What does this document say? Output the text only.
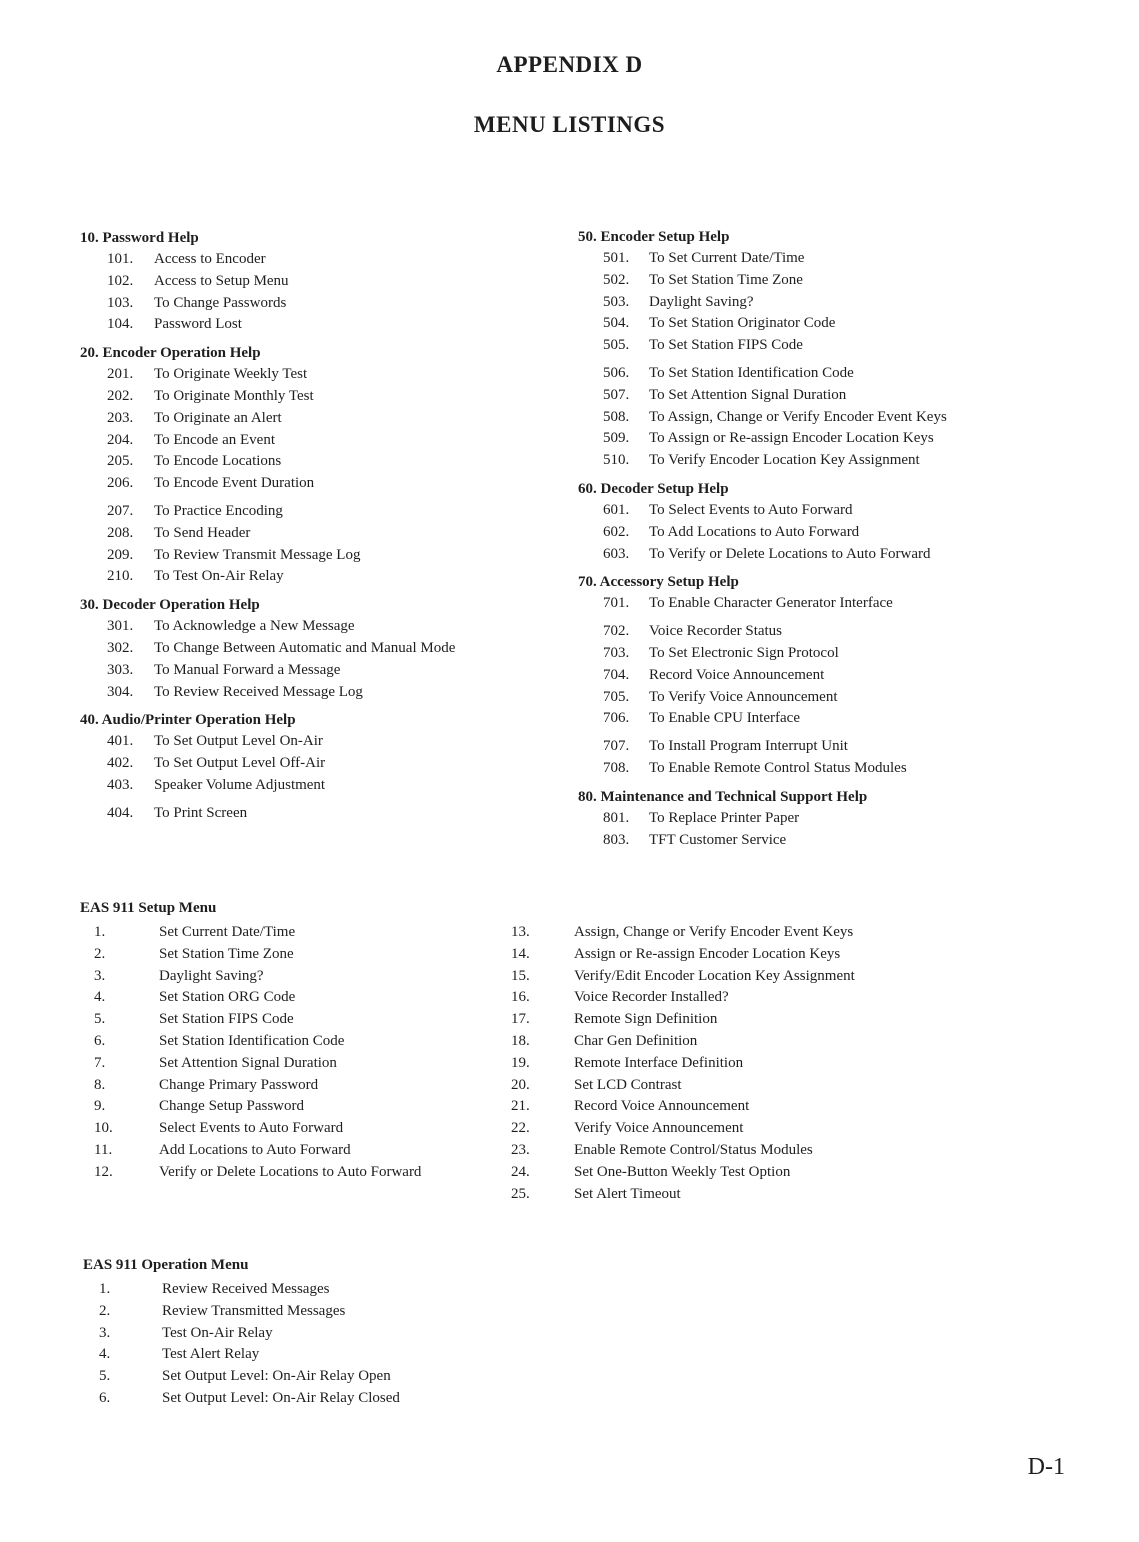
APPENDIX D
MENU LISTINGS
10. Password Help
101.	Access to Encoder
102.	Access to Setup Menu
103.	To Change Passwords
104.	Password Lost
20. Encoder Operation Help
201.	To Originate Weekly Test
202.	To Originate Monthly Test
203.	To Originate an Alert
204.	To Encode an Event
205.	To Encode Locations
206.	To Encode Event Duration
207.	To Practice Encoding
208.	To Send Header
209.	To Review Transmit Message Log
210.	To Test On-Air Relay
30. Decoder Operation Help
301.	To Acknowledge a New Message
302.	To Change Between Automatic and Manual Mode
303.	To Manual Forward a Message
304.	To Review Received Message Log
40. Audio/Printer Operation Help
401.	To Set Output Level On-Air
402.	To Set Output Level Off-Air
403.	Speaker Volume Adjustment
404.	To Print Screen
50. Encoder Setup Help
501.	To Set Current Date/Time
502.	To Set Station Time Zone
503.	Daylight Saving?
504.	To Set Station Originator Code
505.	To Set Station FIPS Code
506.	To Set Station Identification Code
507.	To Set Attention Signal Duration
508.	To Assign, Change or Verify Encoder Event Keys
509.	To Assign or Re-assign Encoder Location Keys
510.	To Verify Encoder Location Key Assignment
60. Decoder Setup Help
601.	To Select Events to Auto Forward
602.	To Add Locations to Auto Forward
603.	To Verify or Delete Locations to Auto Forward
70. Accessory Setup Help
701.	To Enable Character Generator Interface
702.	Voice Recorder Status
703.	To Set Electronic Sign Protocol
704.	Record Voice Announcement
705.	To Verify Voice Announcement
706.	To Enable CPU Interface
707.	To Install Program Interrupt Unit
708.	To Enable Remote Control Status Modules
80. Maintenance and Technical Support Help
801.	To Replace Printer Paper
803.	TFT Customer Service
EAS 911 Setup Menu
1.	Set Current Date/Time
2.	Set Station Time Zone
3.	Daylight Saving?
4.	Set Station ORG Code
5.	Set Station FIPS Code
6.	Set Station Identification Code
7.	Set Attention Signal Duration
8.	Change Primary Password
9.	Change Setup Password
10.	Select Events to Auto Forward
11.	Add Locations to Auto Forward
12.	Verify or Delete Locations to Auto Forward
13.	Assign, Change or Verify Encoder Event Keys
14.	Assign or Re-assign Encoder Location Keys
15.	Verify/Edit Encoder Location Key Assignment
16.	Voice Recorder Installed?
17.	Remote Sign Definition
18.	Char Gen Definition
19.	Remote Interface Definition
20.	Set LCD Contrast
21.	Record Voice Announcement
22.	Verify Voice Announcement
23.	Enable Remote Control/Status Modules
24.	Set One-Button Weekly Test Option
25.	Set Alert Timeout
EAS 911 Operation Menu
1.	Review Received Messages
2.	Review Transmitted Messages
3.	Test On-Air Relay
4.	Test Alert Relay
5.	Set Output Level: On-Air Relay Open
6.	Set Output Level: On-Air Relay Closed
D-1
